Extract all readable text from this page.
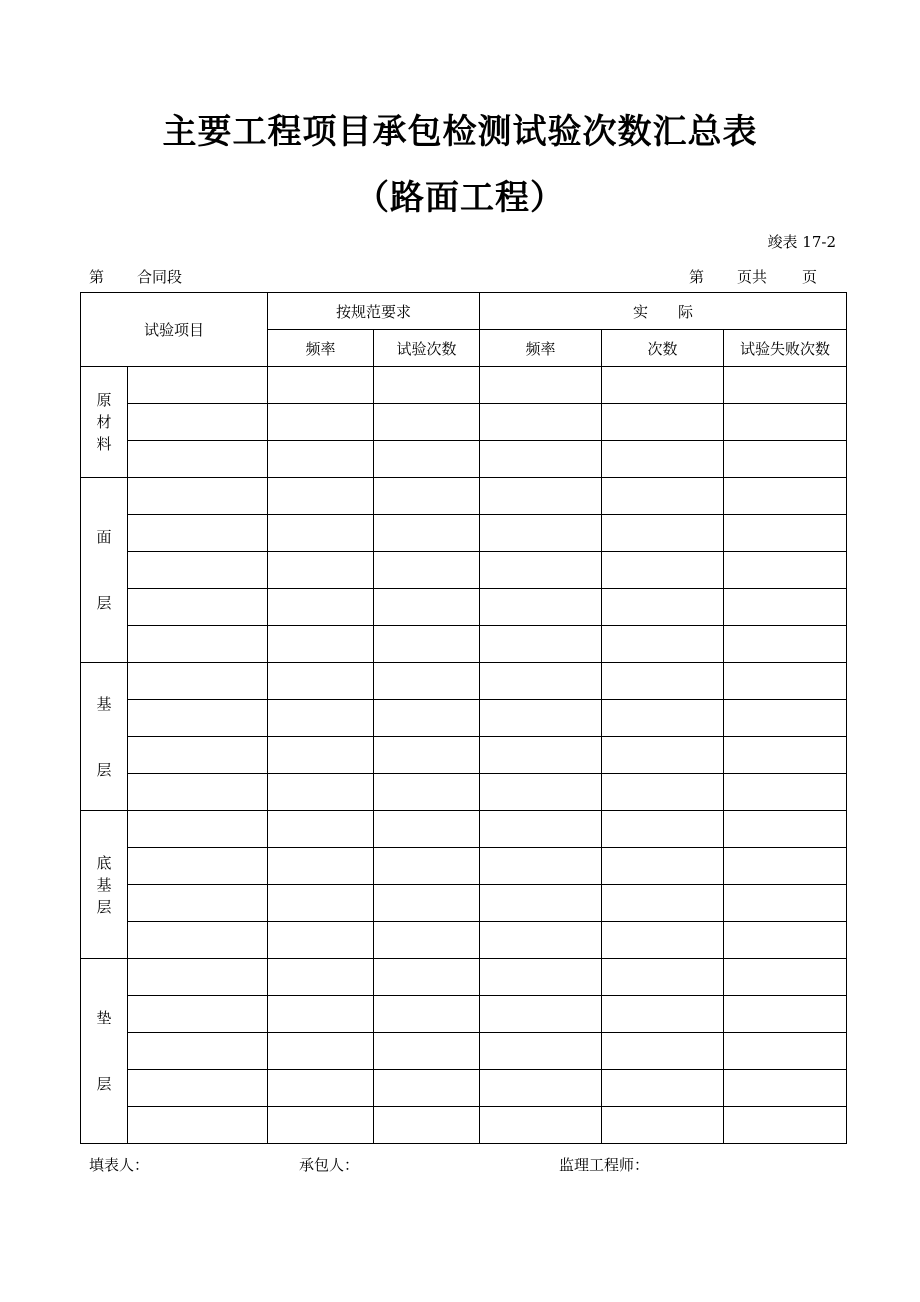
主要工程项目承包检测试验次数汇总表
（路面工程）
竣表 17-2
第 合同段	第 页共 页
试验项目		按规范要求		实　　际		
		频率	试验次数	频率	次数	试验失败次数
原
材
料						

面

层						

基

层						

底
基
层						

垫

层						

填表人：	承包人：	监理工程师：
